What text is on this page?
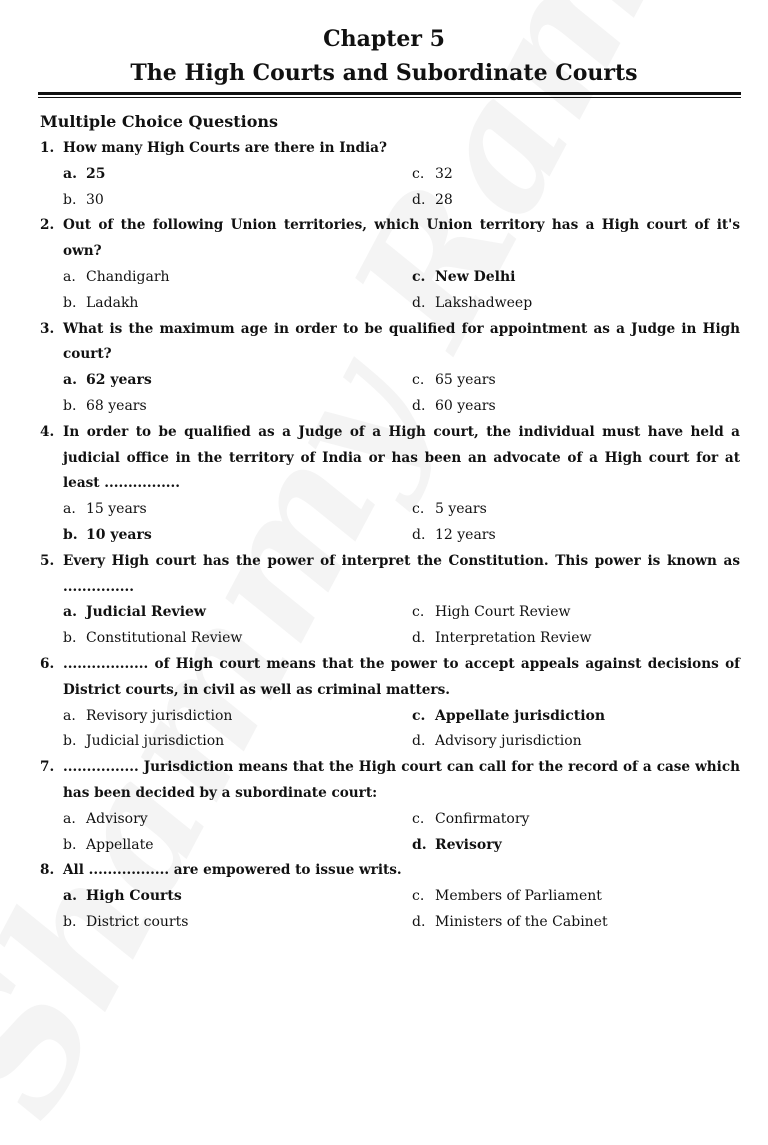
Chapter 5
The High Courts and Subordinate Courts
Multiple Choice Questions
1. How many High Courts are there in India?
a. 25	c. 32
b. 30	d. 28
2. Out of the following Union territories, which Union territory has a High court of it's own?
a. Chandigarh	c. New Delhi
b. Ladakh	d. Lakshadweep
3. What is the maximum age in order to be qualified for appointment as a Judge in High court?
a. 62 years	c. 65 years
b. 68 years	d. 60 years
4. In order to be qualified as a Judge of a High court, the individual must have held a judicial office in the territory of India or has been an advocate of a High court for at least ................
a. 15 years	c. 5 years
b. 10 years	d. 12 years
5. Every High court has the power of interpret the Constitution. This power is known as ...............
a. Judicial Review	c. High Court Review
b. Constitutional Review	d. Interpretation Review
6. .................. of High court means that the power to accept appeals against decisions of District courts, in civil as well as criminal matters.
a. Revisory jurisdiction	c. Appellate jurisdiction
b. Judicial jurisdiction	d. Advisory jurisdiction
7. ................ Jurisdiction means that the High court can call for the record of a case which has been decided by a subordinate court:
a. Advisory	c. Confirmatory
b. Appellate	d. Revisory
8. All ................. are empowered to issue writs.
a. High Courts	c. Members of Parliament
b. District courts	d. Ministers of the Cabinet
